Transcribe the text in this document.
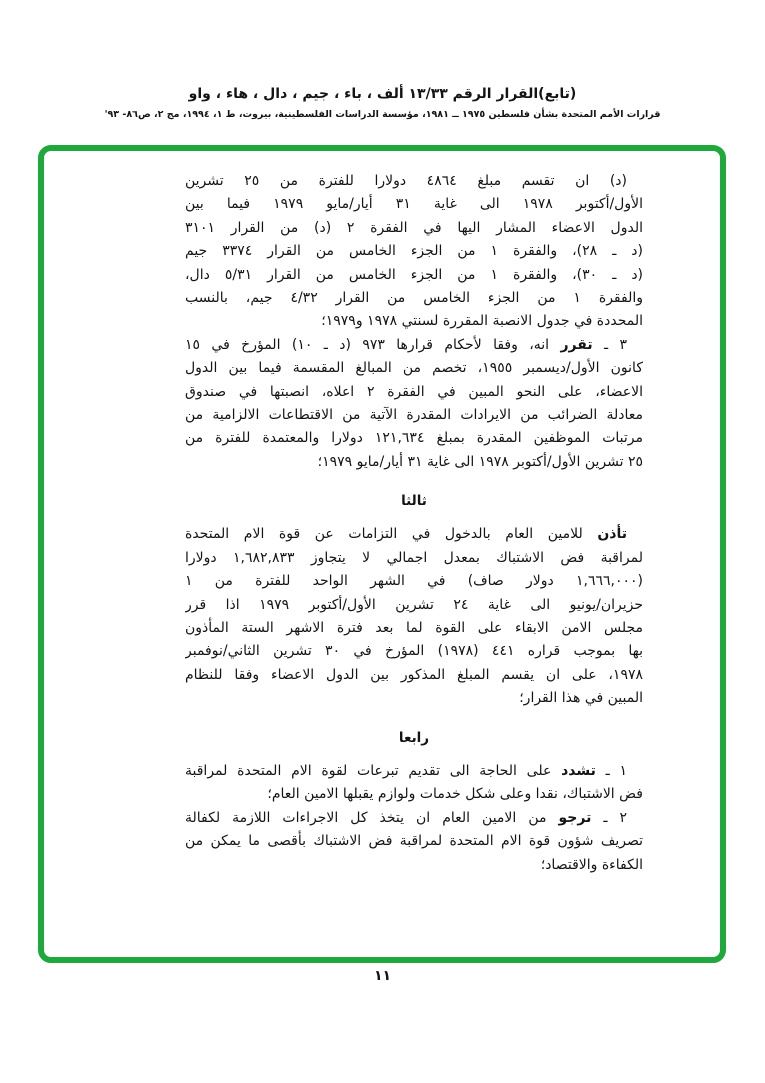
(تابع)القرار الرقم ١٣/٣٣ ألف ، باء ، جيم ، دال ، هاء ، واو
قرارات الأمم المتحدة بشأن فلسطين ١٩٧٥ ــ ١٩٨١، مؤسسة الدراسات الفلسطينية، بيروت، ط ١، ١٩٩٤، مج ٢، ص٨٦- ٩٣'
(د) ان تقسم مبلغ ٤٨٦٤ دولارا للفترة من ٢٥ تشرين
الأول/أكتوبر ١٩٧٨ الى غاية ٣١ أيار/مايو ١٩٧٩ فيما بين
الدول الاعضاء المشار اليها في الفقرة ٢ (د) من القرار ٣١٠١
(د ـ ٢٨)، والفقرة ١ من الجزء الخامس من القرار ٣٣٧٤ جيم
(د ـ ٣٠)، والفقرة ١ من الجزء الخامس من القرار ٥/٣١ دال،
والفقرة ١ من الجزء الخامس من القرار ٤/٣٢ جيم، بالنسب
المحددة في جدول الانصبة المقررة لسنتي ١٩٧٨ و١٩٧٩؛
٣ ـ تقرر انه، وفقا لأحكام قرارها ٩٧٣ (د ـ ١٠) المؤرخ في ١٥
كانون الأول/ديسمبر ١٩٥٥، تخصم من المبالغ المقسمة فيما بين الدول
الاعضاء، على النحو المبين في الفقرة ٢ اعلاه، انصبتها في صندوق
معادلة الضرائب من الايرادات المقدرة الآتية من الاقتطاعات الالزامية من
مرتبات الموظفين المقدرة بمبلغ ١٢١,٦٣٤ دولارا والمعتمدة للفترة من
٢٥ تشرين الأول/أكتوبر ١٩٧٨ الى غاية ٣١ أيار/مايو ١٩٧٩؛
ثالثا
تأذن للامين العام بالدخول في التزامات عن قوة الام المتحدة
لمراقبة فض الاشتباك بمعدل اجمالي لا يتجاوز ١,٦٨٢,٨٣٣ دولارا
(١,٦٦٦,٠٠٠ دولار صاف) في الشهر الواحد للفترة من ١
حزيران/يونيو الى غاية ٢٤ تشرين الأول/أكتوبر ١٩٧٩ اذا قرر
مجلس الامن الابقاء على القوة لما بعد فترة الاشهر الستة المأذون
بها بموجب قراره ٤٤١ (١٩٧٨) المؤرخ في ٣٠ تشرين الثاني/نوفمبر
١٩٧٨، على ان يقسم المبلغ المذكور بين الدول الاعضاء وفقا للنظام
المبين في هذا القرار؛
رابعا
١ ـ تشدد على الحاجة الى تقديم تبرعات لقوة الام المتحدة لمراقبة
فض الاشتباك، نقدا وعلى شكل خدمات ولوازم يقبلها الامين العام؛
٢ ـ ترجو من الامين العام ان يتخذ كل الاجراءات اللازمة لكفالة
تصريف شؤون قوة الام المتحدة لمراقبة فض الاشتباك بأقصى ما يمكن من
الكفاءة والاقتصاد؛
١١
